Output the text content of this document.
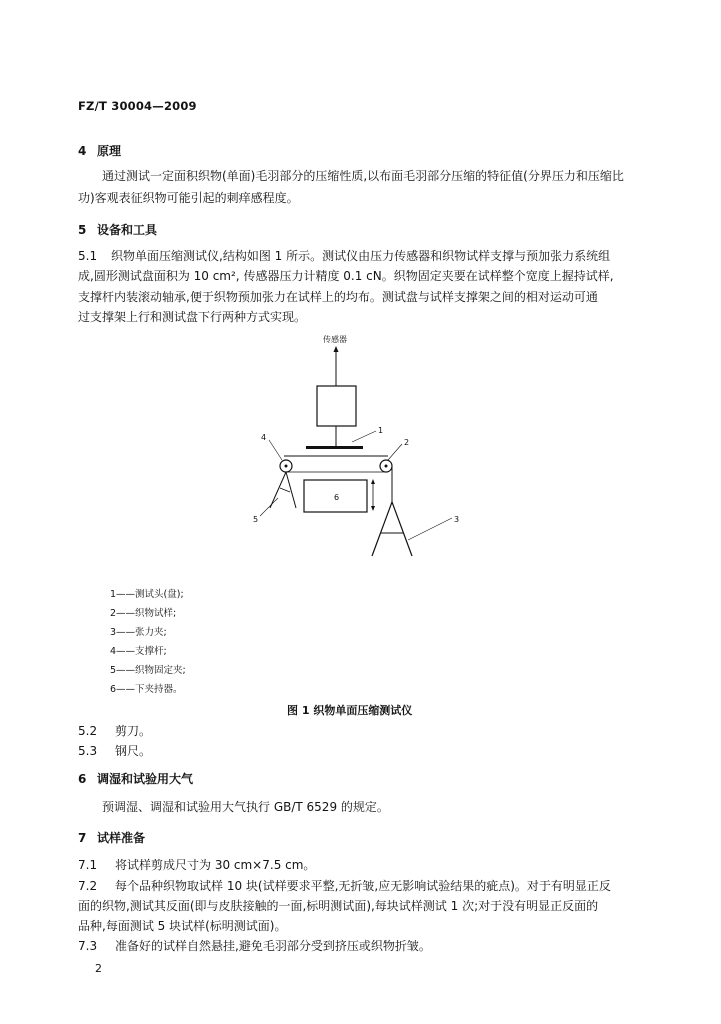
FZ/T 30004—2009
4 原理
通过测试一定面积织物(单面)毛羽部分的压缩性质,以布面毛羽部分压缩的特征值(分界压力和压缩比功)客观表征织物可能引起的刺痒感程度。
5 设备和工具
5.1 织物单面压缩测试仪,结构如图 1 所示。测试仪由压力传感器和织物试样支撑与预加张力系统组
成,圆形测试盘面积为 10 cm², 传感器压力计精度 0.1 cN。织物固定夹要在试样整个宽度上握持试样,
支撑杆内装滚动轴承,便于织物预加张力在试样上的均布。测试盘与试样支撑架之间的相对运动可通
过支撑架上行和测试盘下行两种方式实现。
传感器
6
1
2
3
4
5
1——测试头(盘);
2——织物试样;
3——张力夹;
4——支撑杆;
5——织物固定夹;
6——下夹持器。
图 1 织物单面压缩测试仪
5.2 剪刀。
5.3 钢尺。
6 调湿和试验用大气
预调湿、调湿和试验用大气执行 GB/T 6529 的规定。
7 试样准备
7.1 将试样剪成尺寸为 30 cm×7.5 cm。
7.2 每个品种织物取试样 10 块(试样要求平整,无折皱,应无影响试验结果的疵点)。对于有明显正反
面的织物,测试其反面(即与皮肤接触的一面,标明测试面),每块试样测试 1 次;对于没有明显正反面的
品种,每面测试 5 块试样(标明测试面)。
7.3 准备好的试样自然悬挂,避免毛羽部分受到挤压或织物折皱。
2
